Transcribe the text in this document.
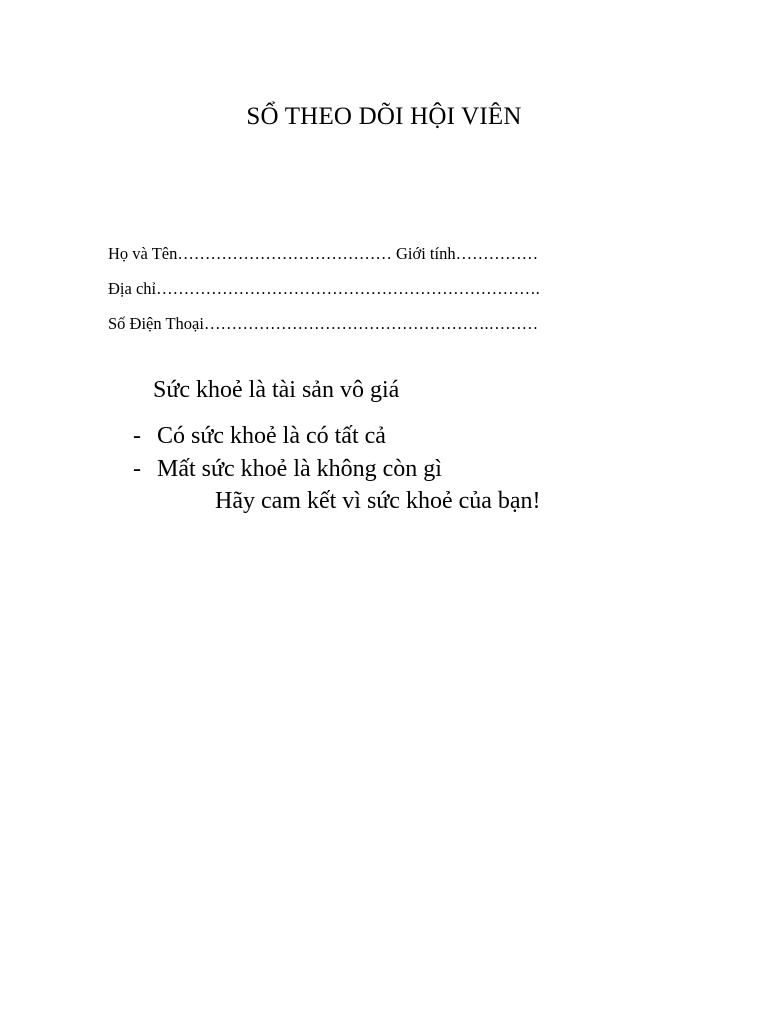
SỔ THEO DÕI HỘI VIÊN
Họ và Tên………………………………… Giới tính……………
Địa chỉ…………………………………………………………….
Số Điện Thoại…………………………………………….………
Sức khoẻ là tài sản vô giá
- Có sức khoẻ là có tất cả
- Mất sức khoẻ là không còn gì
Hãy cam kết vì sức khoẻ của bạn!
